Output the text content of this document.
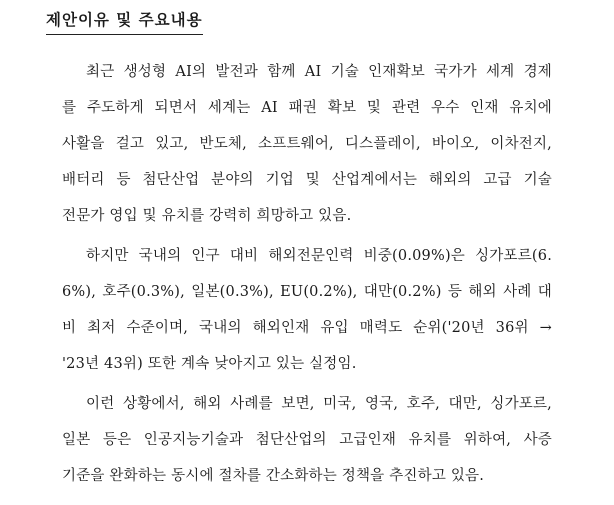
제안이유 및 주요내용
최근 생성형 AI의 발전과 함께 AI 기술 인재확보 국가가 세계 경제
를 주도하게 되면서 세계는 AI 패권 확보 및 관련 우수 인재 유치에
사활을 걸고 있고, 반도체, 소프트웨어, 디스플레이, 바이오, 이차전지,
배터리 등 첨단산업 분야의 기업 및 산업계에서는 해외의 고급 기술
전문가 영입 및 유치를 강력히 희망하고 있음.
하지만 국내의 인구 대비 해외전문인력 비중(0.09%)은 싱가포르(6.
6%), 호주(0.3%), 일본(0.3%), EU(0.2%), 대만(0.2%) 등 해외 사례 대
비 최저 수준이며, 국내의 해외인재 유입 매력도 순위('20년 36위 →
'23년 43위) 또한 계속 낮아지고 있는 실정임.
이런 상황에서, 해외 사례를 보면, 미국, 영국, 호주, 대만, 싱가포르,
일본 등은 인공지능기술과 첨단산업의 고급인재 유치를 위하여, 사증
기준을 완화하는 동시에 절차를 간소화하는 정책을 추진하고 있음.
